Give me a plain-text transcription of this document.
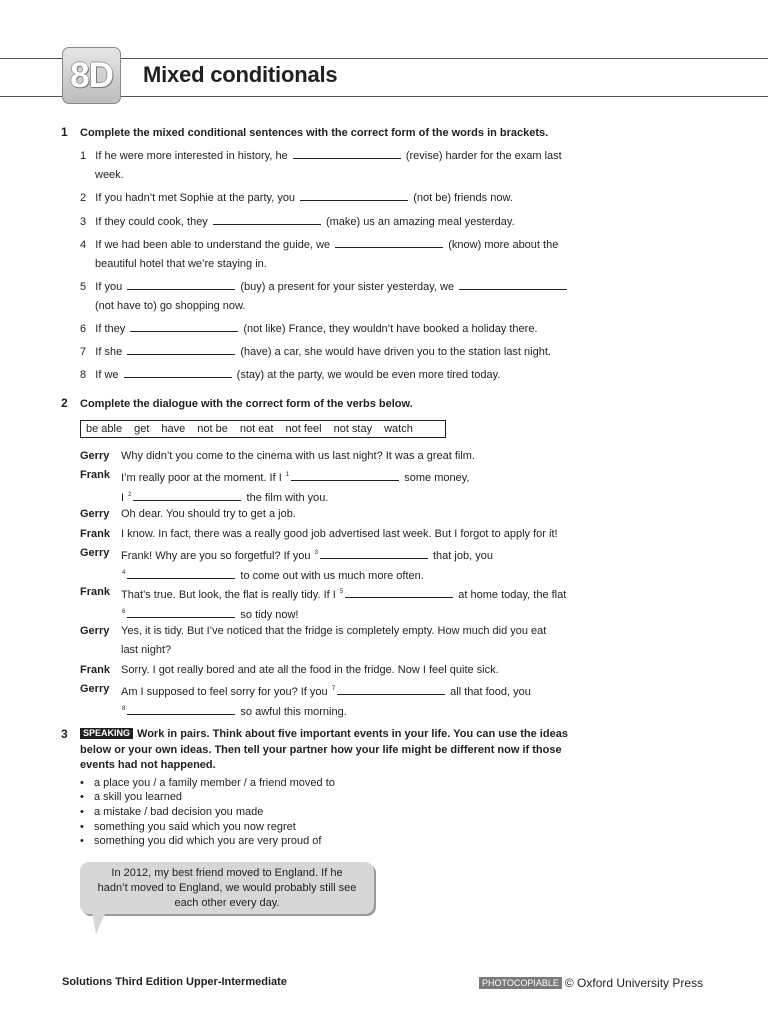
8D	Mixed conditionals
1 Complete the mixed conditional sentences with the correct form of the words in brackets.
1 If he were more interested in history, he	(revise) harder for the exam last
week.
2 If you hadn’t met Sophie at the party, you	(not be) friends now.
3 If they could cook, they	(make) us an amazing meal yesterday.
4 If we had been able to understand the guide, we	(know) more about the
beautiful hotel that we’re staying in.
5 If you	(buy) a present for your sister yesterday, we
(not have to) go shopping now.
6 If they	(not like) France, they wouldn’t have booked a holiday there.
7 If she	(have) a car, she would have driven you to the station last night.
8 If we	(stay) at the party, we would be even more tired today.
2 Complete the dialogue with the correct form of the verbs below.
be able get have not be not eat not feel not stay watch
Gerry Why didn’t you come to the cinema with us last night? It was a great film.
Frank I’m really poor at the moment. If I $^1$	some money,
I $^2$	the film with you.
Gerry Oh dear. You should try to get a job.
Frank I know. In fact, there was a really good job advertised last week. But I forgot to apply for it!
Gerry Frank! Why are you so forgetful? If you $^3$	that job, you
$^4$	to come out with us much more often.
Frank That’s true. But look, the flat is really tidy. If I $^5$	at home today, the flat
$^6$	so tidy now!
Gerry Yes, it is tidy. But I’ve noticed that the fridge is completely empty. How much did you eat
last night?
Frank Sorry. I got really bored and ate all the food in the fridge. Now I feel quite sick.
Gerry Am I supposed to feel sorry for you? If you $^7$	all that food, you
$^8$	so awful this morning.
3	SPEAKING Work in pairs. Think about five important events in your life. You can use the ideas
below or your own ideas. Then tell your partner how your life might be different now if those
events had not happened.
• a place you / a family member / a friend moved to
• a skill you learned
• a mistake / bad decision you made
• something you said which you now regret
• something you did which you are very proud of
In 2012, my best friend moved to England. If he
hadn’t moved to England, we would probably still see
each other every day.
Solutions Third Edition Upper-Intermediate	PHOTOCOPIABLE © Oxford University Press
